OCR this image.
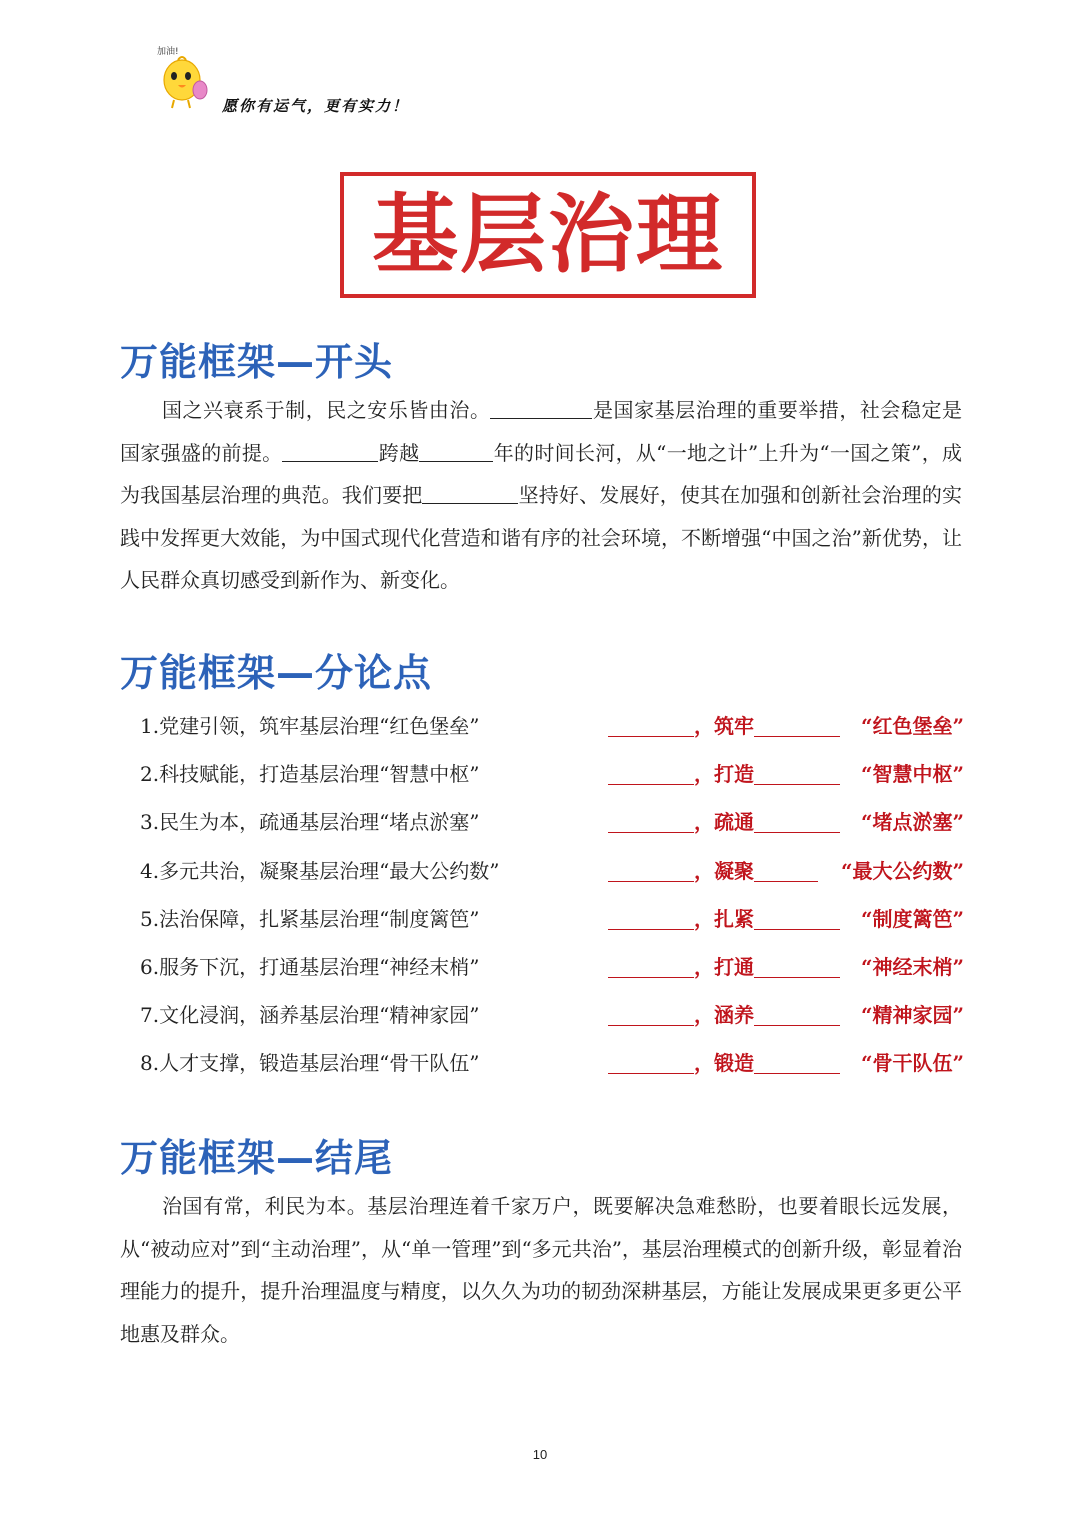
加油!
愿你有运气，更有实力！
基层治理
万能框架—开头
国之兴衰系于制，民之安乐皆由治。	是国家基层治理的重要举措，社会稳定是国家强盛的前提。	跨越	年的时间长河，从“一地之计”上升为“一国之策”，成为我国基层治理的典范。我们要把	坚持好、发展好，使其在加强和创新社会治理的实践中发挥更大效能，为中国式现代化营造和谐有序的社会环境，不断增强“中国之治”新优势，让人民群众真切感受到新作为、新变化。
万能框架—分论点
1.党建引领，筑牢基层治理“红色堡垒”	，筑牢	“红色堡垒”
2.科技赋能，打造基层治理“智慧中枢”	，打造	“智慧中枢”
3.民生为本，疏通基层治理“堵点淤塞”	，疏通	“堵点淤塞”
4.多元共治，凝聚基层治理“最大公约数”	，凝聚	“最大公约数”
5.法治保障，扎紧基层治理“制度篱笆”	，扎紧	“制度篱笆”
6.服务下沉，打通基层治理“神经末梢”	，打通	“神经末梢”
7.文化浸润，涵养基层治理“精神家园”	，涵养	“精神家园”
8.人才支撑，锻造基层治理“骨干队伍”	，锻造	“骨干队伍”
万能框架—结尾
治国有常，利民为本。基层治理连着千家万户，既要解决急难愁盼，也要着眼长远发展，从“被动应对”到“主动治理”，从“单一管理”到“多元共治”，基层治理模式的创新升级，彰显着治理能力的提升，提升治理温度与精度，以久久为功的韧劲深耕基层，方能让发展成果更多更公平地惠及群众。
10
